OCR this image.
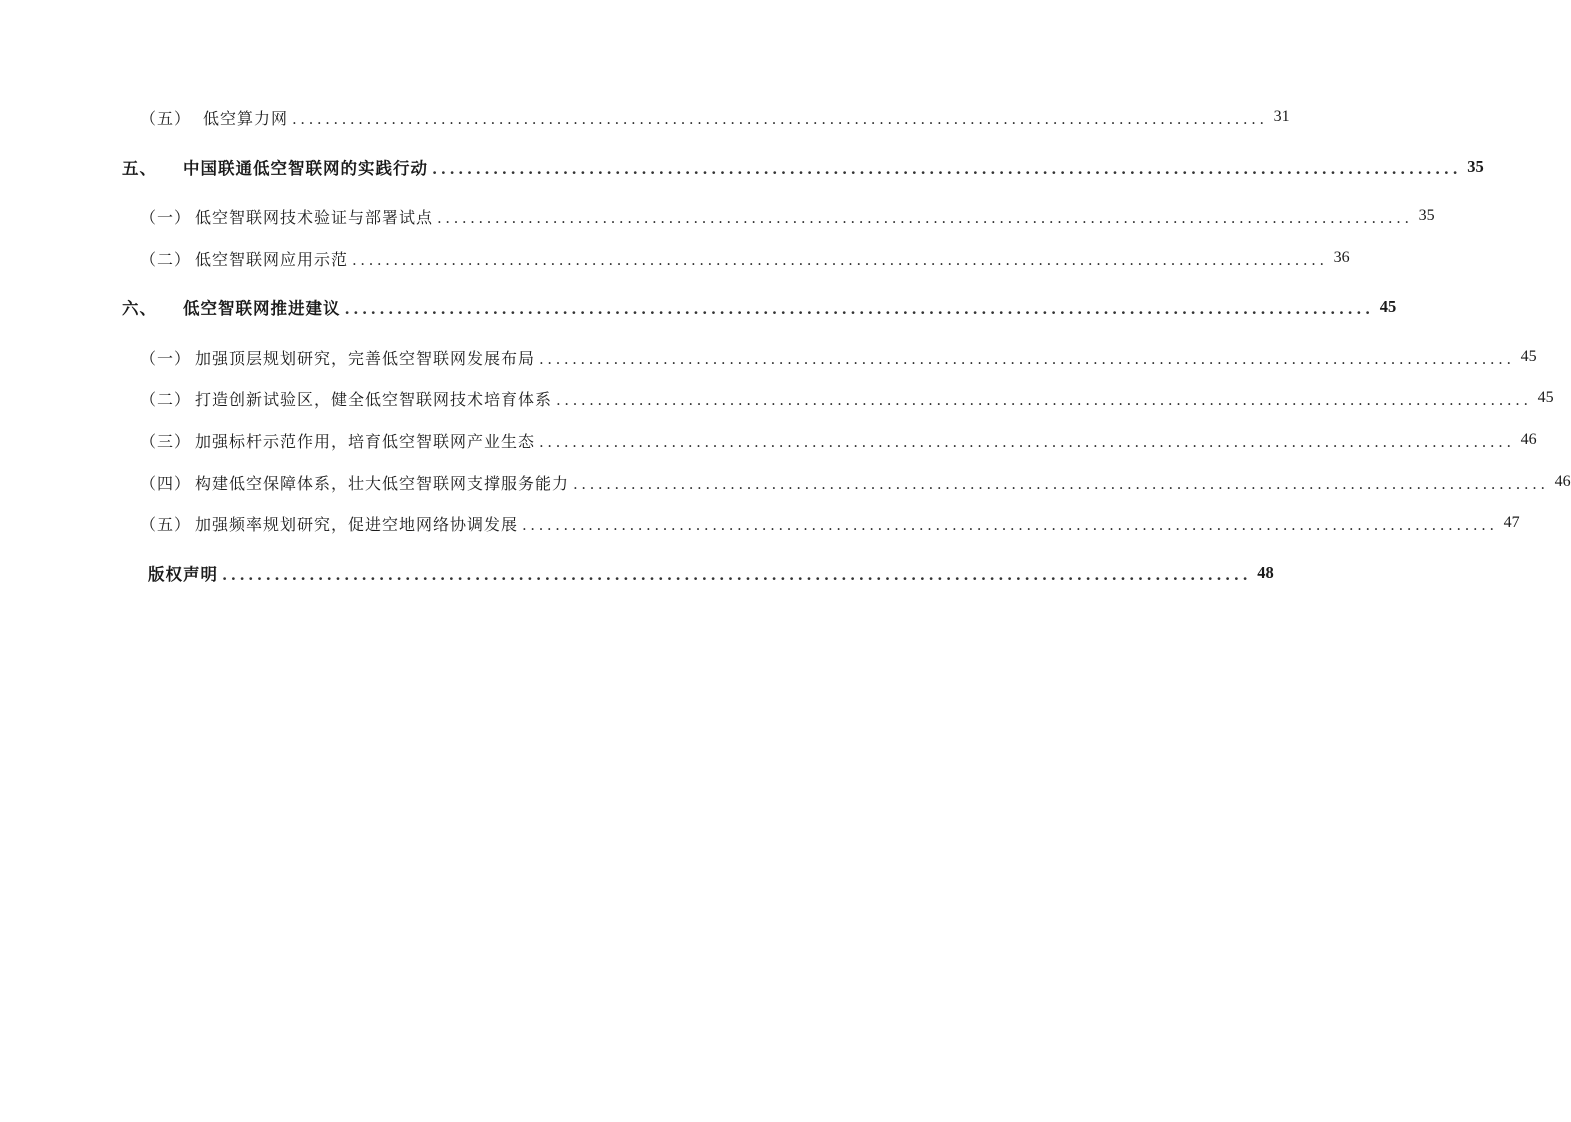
（五） 低空算力网 ...................................................................................................................... 31
五、 中国联通低空智联网的实践行动 ...................................................................................................................... 35
（一） 低空智联网技术验证与部署试点 ...................................................................................................................... 35
（二） 低空智联网应用示范 ...................................................................................................................... 36
六、 低空智联网推进建议 ...................................................................................................................... 45
（一） 加强顶层规划研究，完善低空智联网发展布局 ...................................................................................................................... 45
（二） 打造创新试验区，健全低空智联网技术培育体系 ...................................................................................................................... 45
（三） 加强标杆示范作用，培育低空智联网产业生态 ...................................................................................................................... 46
（四） 构建低空保障体系，壮大低空智联网支撑服务能力 ...................................................................................................................... 46
（五） 加强频率规划研究，促进空地网络协调发展 ...................................................................................................................... 47
版权声明 ...................................................................................................................... 48
